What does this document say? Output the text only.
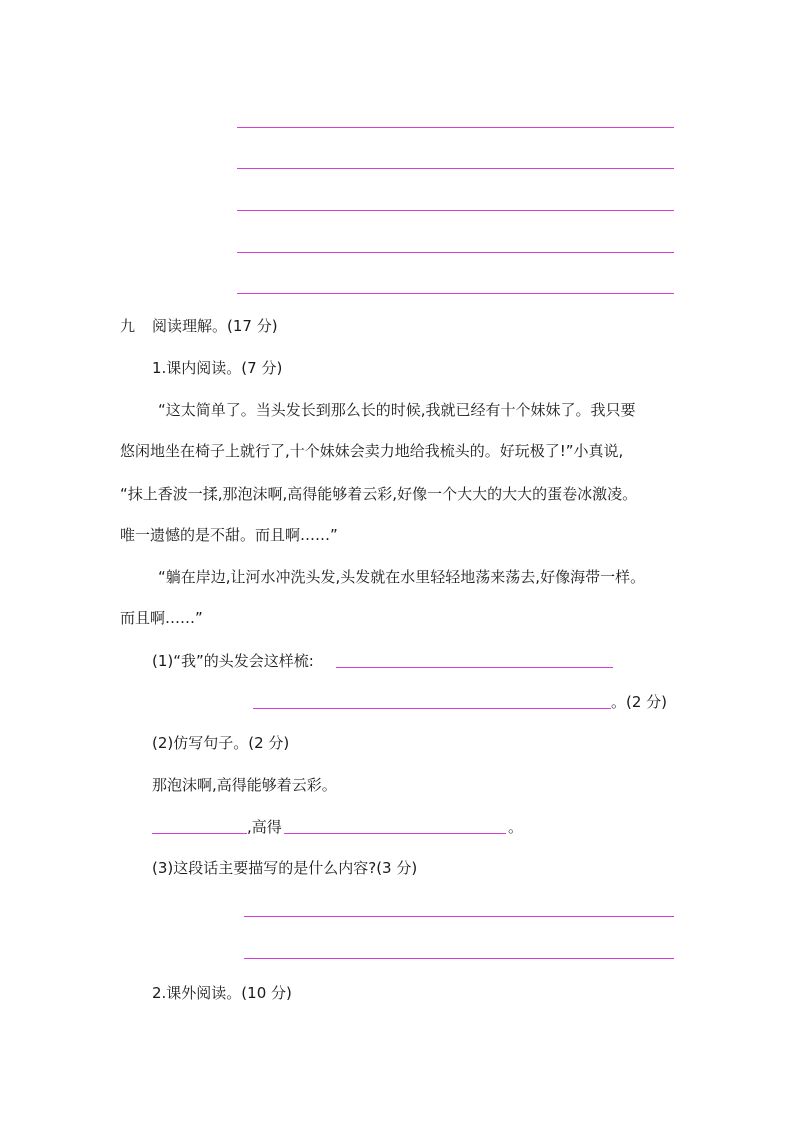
九 阅读理解。(17 分)
1.课内阅读。(7 分)
“这太简单了。当头发长到那么长的时候,我就已经有十个妹妹了。我只要
悠闲地坐在椅子上就行了,十个妹妹会卖力地给我梳头的。好玩极了!”小真说,
“抹上香波一揉,那泡沫啊,高得能够着云彩,好像一个大大的大大的蛋卷冰激凌。
唯一遗憾的是不甜。而且啊……”
“躺在岸边,让河水冲洗头发,头发就在水里轻轻地荡来荡去,好像海带一样。
而且啊……”
(1)“我”的头发会这样梳:
。(2 分)
(2)仿写句子。(2 分)
那泡沫啊,高得能够着云彩。
,高得	。
(3)这段话主要描写的是什么内容?(3 分)
2.课外阅读。(10 分)
